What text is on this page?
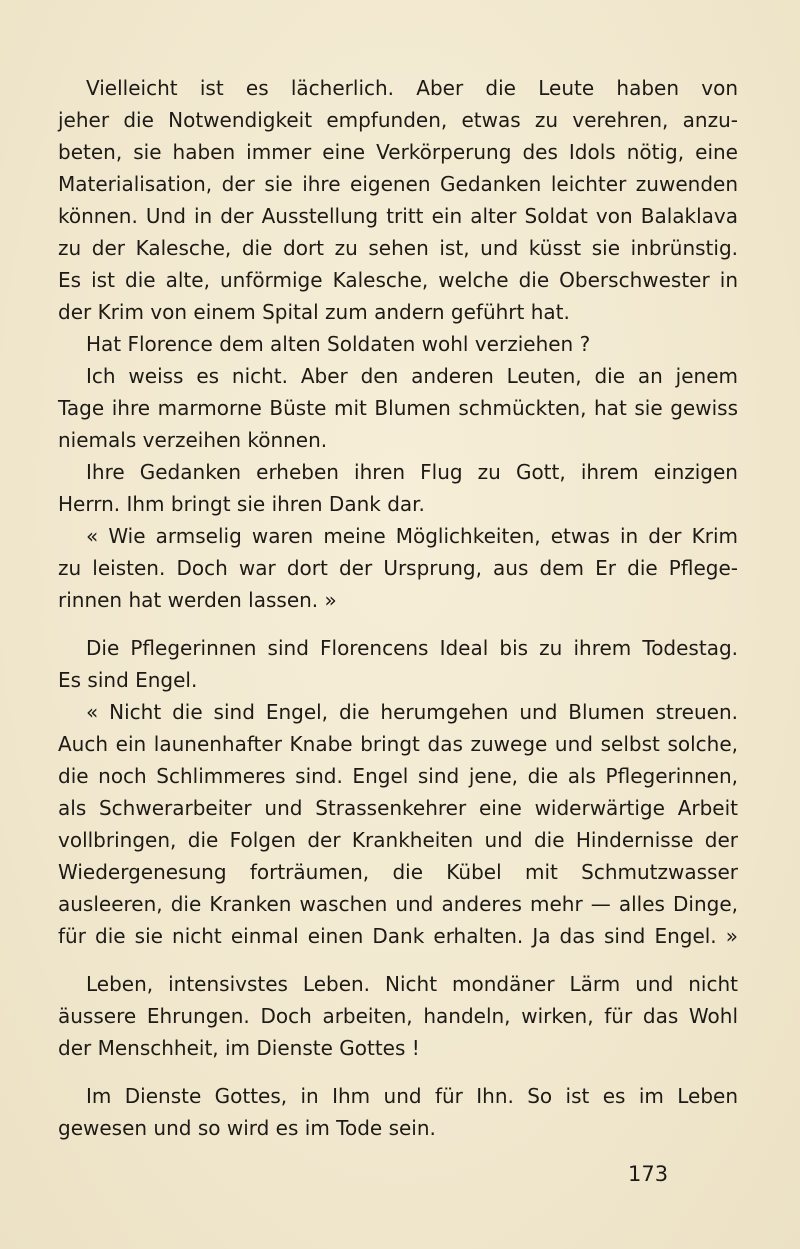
Vielleicht ist es lächerlich. Aber die Leute haben von
jeher die Notwendigkeit empfunden, etwas zu verehren, anzu-
beten, sie haben immer eine Verkörperung des Idols nötig, eine
Materialisation, der sie ihre eigenen Gedanken leichter zuwenden
können. Und in der Ausstellung tritt ein alter Soldat von Balaklava
zu der Kalesche, die dort zu sehen ist, und küsst sie inbrünstig.
Es ist die alte, unförmige Kalesche, welche die Oberschwester in
der Krim von einem Spital zum andern geführt hat.
Hat Florence dem alten Soldaten wohl verziehen ?
Ich weiss es nicht. Aber den anderen Leuten, die an jenem
Tage ihre marmorne Büste mit Blumen schmückten, hat sie gewiss
niemals verzeihen können.
Ihre Gedanken erheben ihren Flug zu Gott, ihrem einzigen
Herrn. Ihm bringt sie ihren Dank dar.
« Wie armselig waren meine Möglichkeiten, etwas in der Krim
zu leisten. Doch war dort der Ursprung, aus dem Er die Pflege-
rinnen hat werden lassen. »
Die Pflegerinnen sind Florencens Ideal bis zu ihrem Todestag.
Es sind Engel.
« Nicht die sind Engel, die herumgehen und Blumen streuen.
Auch ein launenhafter Knabe bringt das zuwege und selbst solche,
die noch Schlimmeres sind. Engel sind jene, die als Pflegerinnen,
als Schwerarbeiter und Strassenkehrer eine widerwärtige Arbeit
vollbringen, die Folgen der Krankheiten und die Hindernisse der
Wiedergenesung forträumen, die Kübel mit Schmutzwasser
ausleeren, die Kranken waschen und anderes mehr — alles Dinge,
für die sie nicht einmal einen Dank erhalten. Ja das sind Engel. »
Leben, intensivstes Leben. Nicht mondäner Lärm und nicht
äussere Ehrungen. Doch arbeiten, handeln, wirken, für das Wohl
der Menschheit, im Dienste Gottes !
Im Dienste Gottes, in Ihm und für Ihn. So ist es im Leben
gewesen und so wird es im Tode sein.
173
